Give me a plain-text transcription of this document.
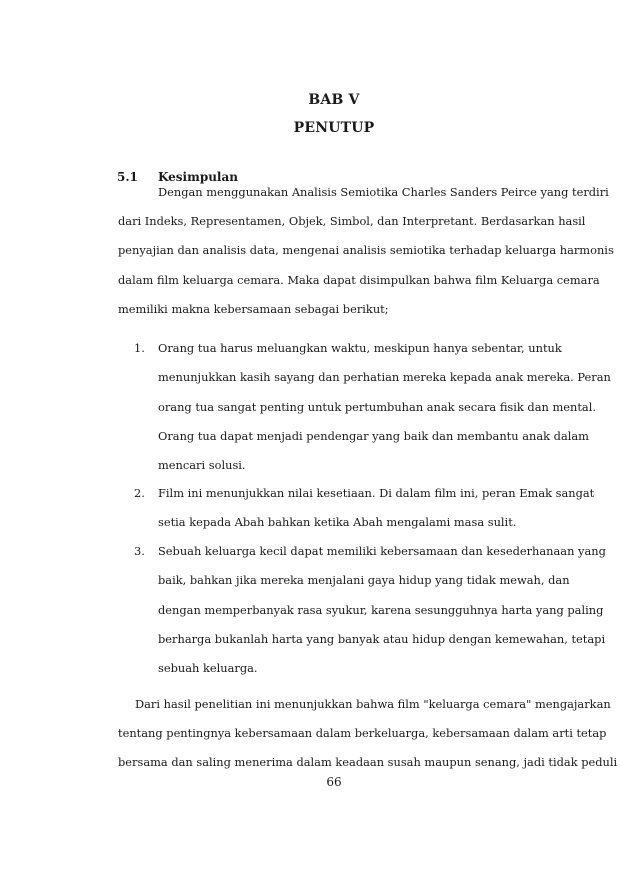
BAB V
PENUTUP
5.1 Kesimpulan
Dengan menggunakan Analisis Semiotika Charles Sanders Peirce yang terdiri
dari Indeks, Representamen, Objek, Simbol, dan Interpretant. Berdasarkan hasil
penyajian dan analisis data, mengenai analisis semiotika terhadap keluarga harmonis
dalam film keluarga cemara. Maka dapat disimpulkan bahwa film Keluarga cemara
memiliki makna kebersamaan sebagai berikut;
1. Orang tua harus meluangkan waktu, meskipun hanya sebentar, untuk
menunjukkan kasih sayang dan perhatian mereka kepada anak mereka. Peran
orang tua sangat penting untuk pertumbuhan anak secara fisik dan mental.
Orang tua dapat menjadi pendengar yang baik dan membantu anak dalam
mencari solusi.
2. Film ini menunjukkan nilai kesetiaan. Di dalam film ini, peran Emak sangat
setia kepada Abah bahkan ketika Abah mengalami masa sulit.
3. Sebuah keluarga kecil dapat memiliki kebersamaan dan kesederhanaan yang
baik, bahkan jika mereka menjalani gaya hidup yang tidak mewah, dan
dengan memperbanyak rasa syukur, karena sesungguhnya harta yang paling
berharga bukanlah harta yang banyak atau hidup dengan kemewahan, tetapi
sebuah keluarga.
Dari hasil penelitian ini menunjukkan bahwa film "keluarga cemara" mengajarkan
tentang pentingnya kebersamaan dalam berkeluarga, kebersamaan dalam arti tetap
bersama dan saling menerima dalam keadaan susah maupun senang, jadi tidak peduli
66
